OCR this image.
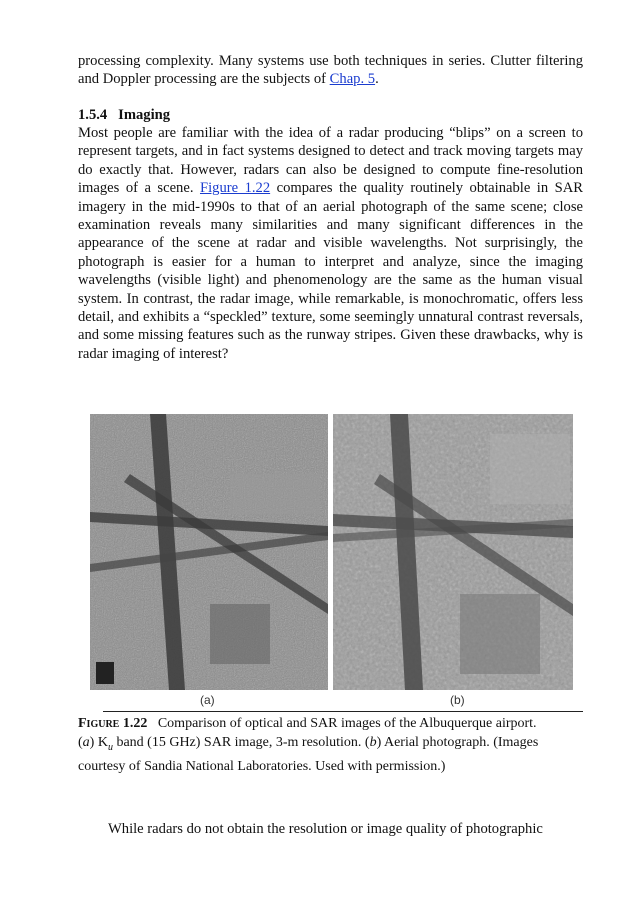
processing complexity. Many systems use both techniques in series. Clutter filtering and Doppler processing are the subjects of Chap. 5.

1.5.4 Imaging

Most people are familiar with the idea of a radar producing “blips” on a screen to represent targets, and in fact systems designed to detect and track moving targets may do exactly that. However, radars can also be designed to compute fine-resolution images of a scene. Figure 1.22 compares the quality routinely obtainable in SAR imagery in the mid-1990s to that of an aerial photograph of the same scene; close examination reveals many similarities and many significant differences in the appearance of the scene at radar and visible wavelengths. Not surprisingly, the photograph is easier for a human to interpret and analyze, since the imaging wavelengths (visible light) and phenomenology are the same as the human visual system. In contrast, the radar image, while remarkable, is monochromatic, offers less detail, and exhibits a “speckled” texture, some seemingly unnatural contrast reversals, and some missing features such as the runway stripes. Given these drawbacks, why is radar imaging of interest?

(a)	(b)
Figure 1.22 Comparison of optical and SAR images of the Albuquerque airport. (a) $K_u$ band (15 GHz) SAR image, 3-m resolution. (b) Aerial photograph. (Images courtesy of Sandia National Laboratories. Used with permission.)
While radars do not obtain the resolution or image quality of photographic
